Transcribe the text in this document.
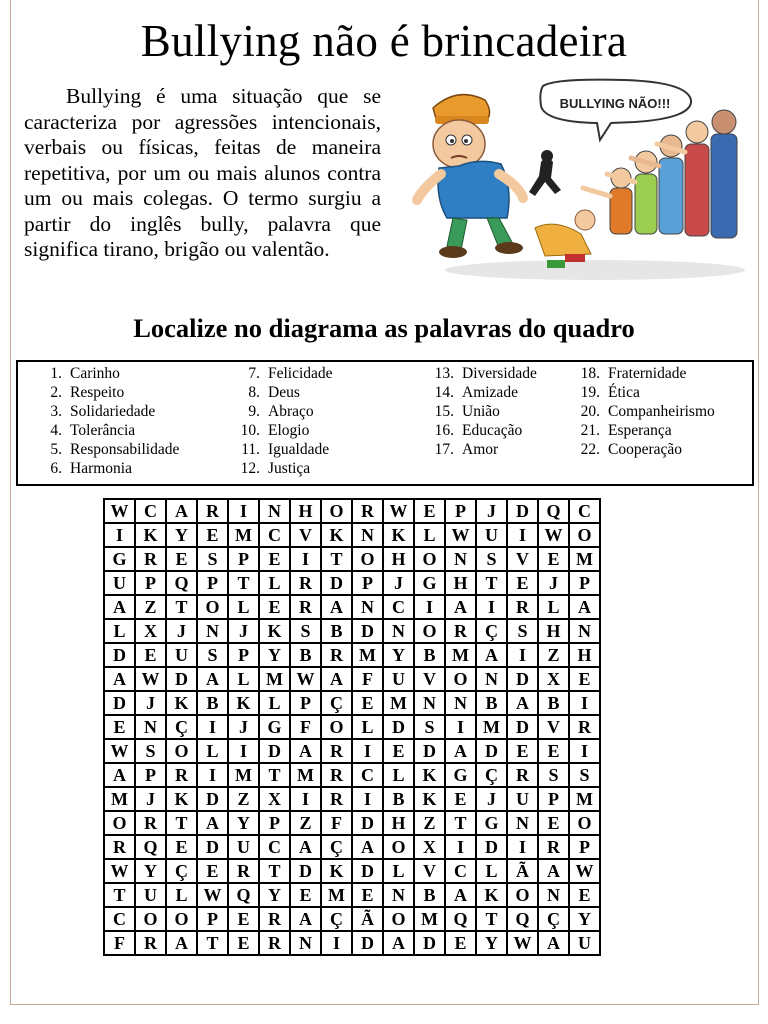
Bullying não é brincadeira

Bullying é uma situação que se caracteriza por agressões intencionais, verbais ou físicas, feitas de maneira repetitiva, por um ou mais alunos contra um ou mais colegas. O termo surgiu a partir do inglês bully, palavra que significa tirano, brigão ou valentão.

BULLYING NÃO!!!
Localize no diagrama as palavras do quadro
1. Carinho
2. Respeito
3. Solidariedade
4. Tolerância
5. Responsabilidade
6. Harmonia
7. Felicidade
8. Deus
9. Abraço
10. Elogio
11. Igualdade
12. Justiça
13. Diversidade
14. Amizade
15. União
16. Educação
17. Amor
18. Fraternidade
19. Ética
20. Companheirismo
21. Esperança
22. Cooperação
W	C	A	R	I	N	H	O	R	W	E	P	J	D	Q	C
I	K	Y	E	M	C	V	K	N	K	L	W	U	I	W	O
G	R	E	S	P	E	I	T	O	H	O	N	S	V	E	M
U	P	Q	P	T	L	R	D	P	J	G	H	T	E	J	P
A	Z	T	O	L	E	R	A	N	C	I	A	I	R	L	A
L	X	J	N	J	K	S	B	D	N	O	R	Ç	S	H	N
D	E	U	S	P	Y	B	R	M	Y	B	M	A	I	Z	H
A	W	D	A	L	M	W	A	F	U	V	O	N	D	X	E
D	J	K	B	K	L	P	Ç	E	M	N	N	B	A	B	I
E	N	Ç	I	J	G	F	O	L	D	S	I	M	D	V	R
W	S	O	L	I	D	A	R	I	E	D	A	D	E	E	I
A	P	R	I	M	T	M	R	C	L	K	G	Ç	R	S	S
M	J	K	D	Z	X	I	R	I	B	K	E	J	U	P	M
O	R	T	A	Y	P	Z	F	D	H	Z	T	G	N	E	O
R	Q	E	D	U	C	A	Ç	A	O	X	I	D	I	R	P
W	Y	Ç	E	R	T	D	K	D	L	V	C	L	Ã	A	W
T	U	L	W	Q	Y	E	M	E	N	B	A	K	O	N	E
C	O	O	P	E	R	A	Ç	Ã	O	M	Q	T	Q	Ç	Y
F	R	A	T	E	R	N	I	D	A	D	E	Y	W	A	U
